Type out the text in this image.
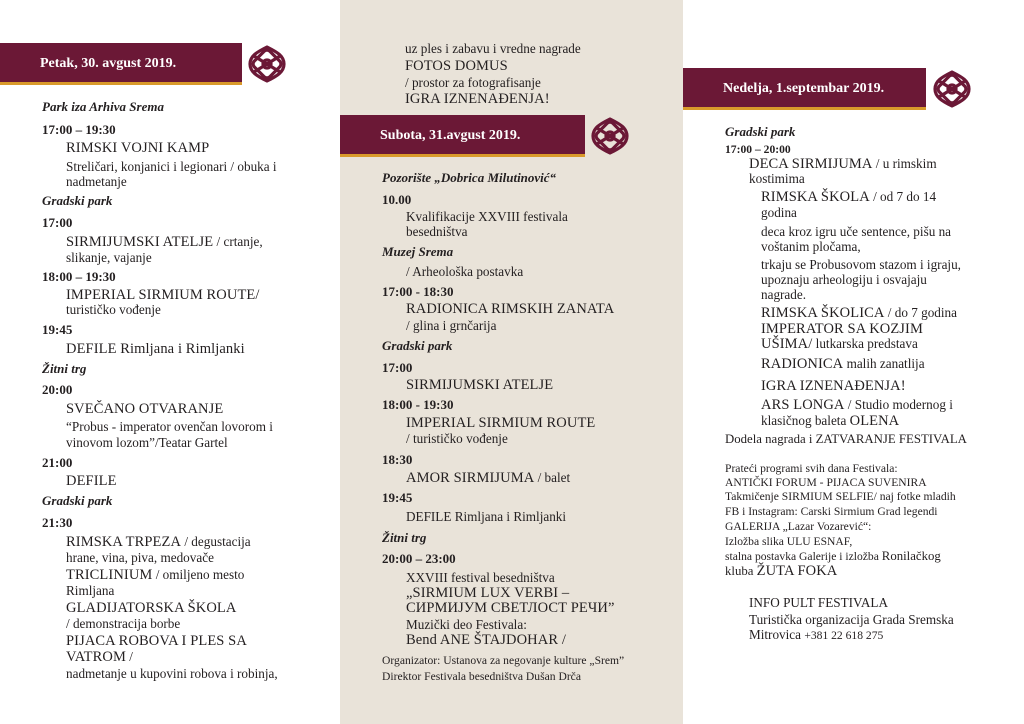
Petak, 30. avgust 2019.
Park iza Arhiva Srema
17:00 – 19:30
RIMSKI VOJNI KAMP
Streličari, konjanici i legionari / obuka i
nadmetanje
Gradski park
17:00
SIRMIJUMSKI ATELJE / crtanje,
slikanje, vajanje
18:00 – 19:30
IMPERIAL SIRMIUM ROUTE/
turističko vođenje
19:45
DEFILE Rimljana i Rimljanki
Žitni trg
20:00
SVEČANO OTVARANJE
“Probus - imperator ovenčan lovorom i
vinovom lozom”/Teatar Gartel
21:00
DEFILE
Gradski park
21:30
RIMSKA TRPEZA / degustacija
hrane, vina, piva, medovače
TRICLINIUM / omiljeno mesto
Rimljana
GLADIJATORSKA ŠKOLA
/ demonstracija borbe
PIJACA ROBOVA I PLES SA
VATROM /
nadmetanje u kupovini robova i robinja,
uz ples i zabavu i vredne nagrade
FOTOS DOMUS
/ prostor za fotografisanje
IGRA IZNENAĐENJA!
Subota, 31.avgust 2019.
Pozorište „Dobrica Milutinović“
10.00
Kvalifikacije XXVIII festivala
besedništva
Muzej Srema
/ Arheološka postavka
17:00 - 18:30
RADIONICA RIMSKIH ZANATA
/ glina i grnčarija
Gradski park
17:00
SIRMIJUMSKI ATELJE
18:00 - 19:30
IMPERIAL SIRMIUM ROUTE
/ turističko vođenje
18:30
AMOR SIRMIJUMA / balet
19:45
DEFILE Rimljana i Rimljanki
Žitni trg
20:00 – 23:00
XXVIII festival besedništva
„SIRMIUM LUX VERBI –
СИРМИЈУМ СВЕТЛОСТ РЕЧИ”
Muzički deo Festivala:
Bend ANE ŠTAJDOHAR /
Organizator: Ustanova za negovanje kulture „Srem”
Direktor Festivala besedništva Dušan Drča
Nedelja, 1.septembar 2019.
Gradski park
17:00 – 20:00
DECA SIRMIJUMA / u rimskim
kostimima
RIMSKA ŠKOLA / od 7 do 14
godina
deca kroz igru uče sentence, pišu na
voštanim pločama,
trkaju se Probusovom stazom i igraju,
upoznaju arheologiju i osvajaju
nagrade.
RIMSKA ŠKOLICA / do 7 godina
IMPERATOR SA KOZJIM
UŠIMA/ lutkarska predstava
RADIONICA malih zanatlija
IGRA IZNENAĐENJA!
ARS LONGA / Studio modernog i
klasičnog baleta OLENA
Dodela nagrada i ZATVARANJE FESTIVALA
Prateći programi svih dana Festivala:
ANTIČKI FORUM - PIJACA SUVENIRA
Takmičenje SIRMIUM SELFIE/ naj fotke mladih
FB i Instagram: Carski Sirmium Grad legendi
GALERIJA „Lazar Vozarević“:
Izložba slika ULU ESNAF,
stalna postavka Galerije i izložba Ronilačkog
kluba ŽUTA FOKA
INFO PULT FESTIVALA
Turistička organizacija Grada Sremska
Mitrovica +381 22 618 275
